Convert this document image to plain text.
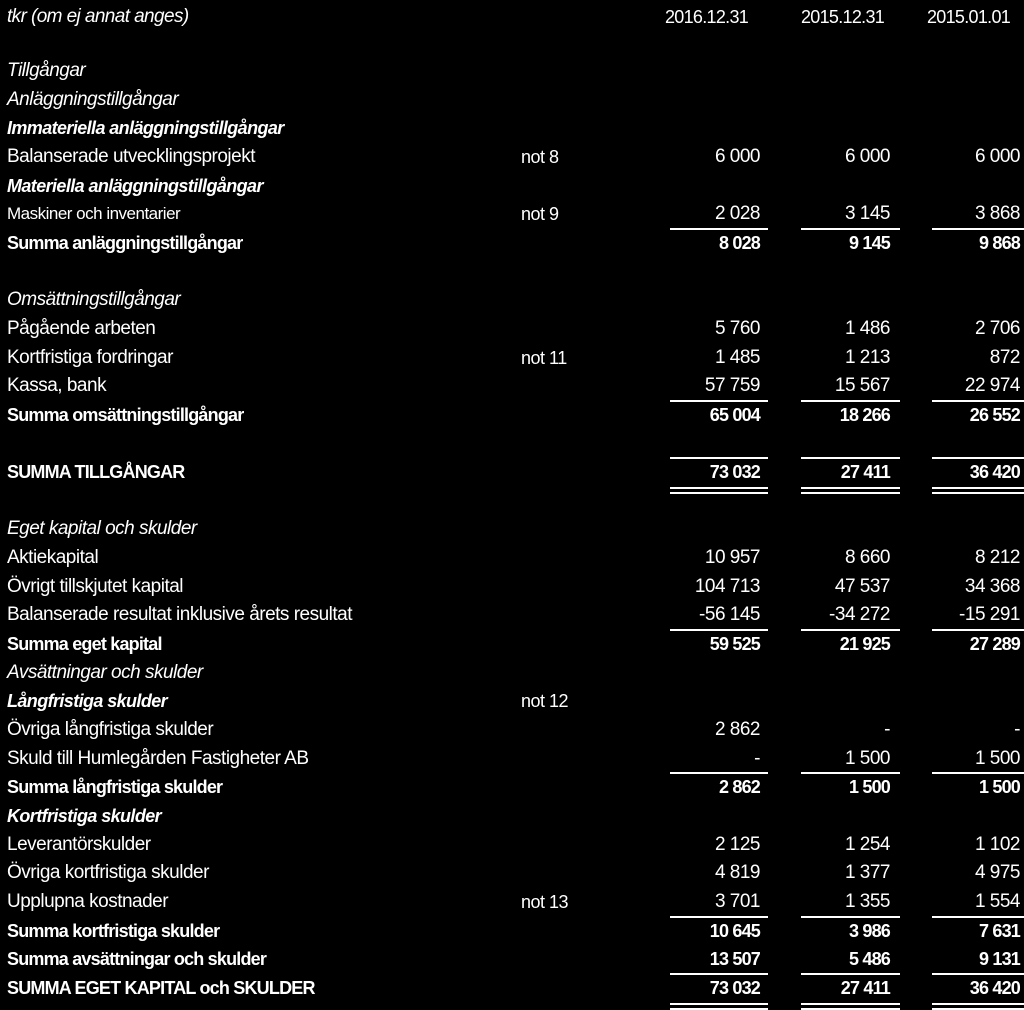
tkr (om ej annat anges)	2016.12.31	2015.12.31 2015.01.01
Tillgångar
Anläggningstillgångar
Immateriella anläggningstillgångar
Balanserade utvecklingsprojekt	not 8	6 000	6 000	6 000
Materiella anläggningstillgångar
Maskiner och inventarier	not 9	2 028	3 145	3 868
Summa anläggningstillgångar	8 028	9 145	9 868
Omsättningstillgångar
Pågående arbeten	5 760	1 486	2 706
Kortfristiga fordringar	not 11	1 485	1 213	872
Kassa, bank	57 759	15 567	22 974
Summa omsättningstillgångar	65 004	18 266	26 552
SUMMA TILLGÅNGAR	73 032	27 411	36 420
Eget kapital och skulder
Aktiekapital	10 957	8 660	8 212
Övrigt tillskjutet kapital	104 713	47 537	34 368
Balanserade resultat inklusive årets resultat	-56 145	-34 272	-15 291
Summa eget kapital	59 525	21 925	27 289
Avsättningar och skulder
Långfristiga skulder	not 12
Övriga långfristiga skulder	2 862	-	-
Skuld till Humlegården Fastigheter AB	-	1 500	1 500
Summa långfristiga skulder	2 862	1 500	1 500
Kortfristiga skulder
Leverantörskulder	2 125	1 254	1 102
Övriga kortfristiga skulder	4 819	1 377	4 975
Upplupna kostnader	not 13	3 701	1 355	1 554
Summa kortfristiga skulder	10 645	3 986	7 631
Summa avsättningar och skulder	13 507	5 486	9 131
SUMMA EGET KAPITAL och SKULDER	73 032	27 411	36 420
